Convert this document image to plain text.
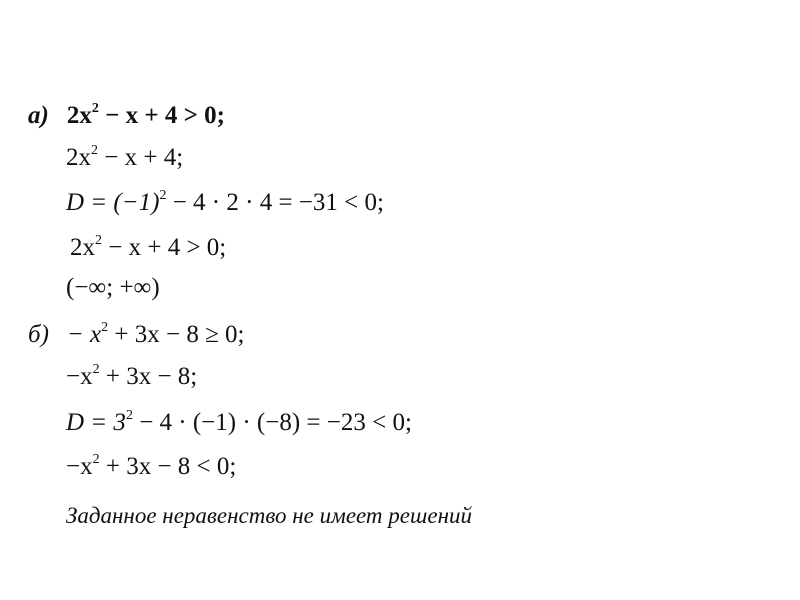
а) $2x^2 - x + 4 > 0$;
$2x^2 - x + 4$;
$D = (-1)^2 - 4 \cdot 2 \cdot 4 = -31 < 0$;
$2x^2 - x + 4 > 0$;
(−∞; +∞)
$б) - x^2 + 3x - 8 \ge 0$;
$-x^2 + 3x - 8$;
$D = 3^2 - 4 \cdot (-1) \cdot (-8) = -23 < 0$;
$-x^2 + 3x - 8 < 0$;
Заданное неравенство не имеет решений
